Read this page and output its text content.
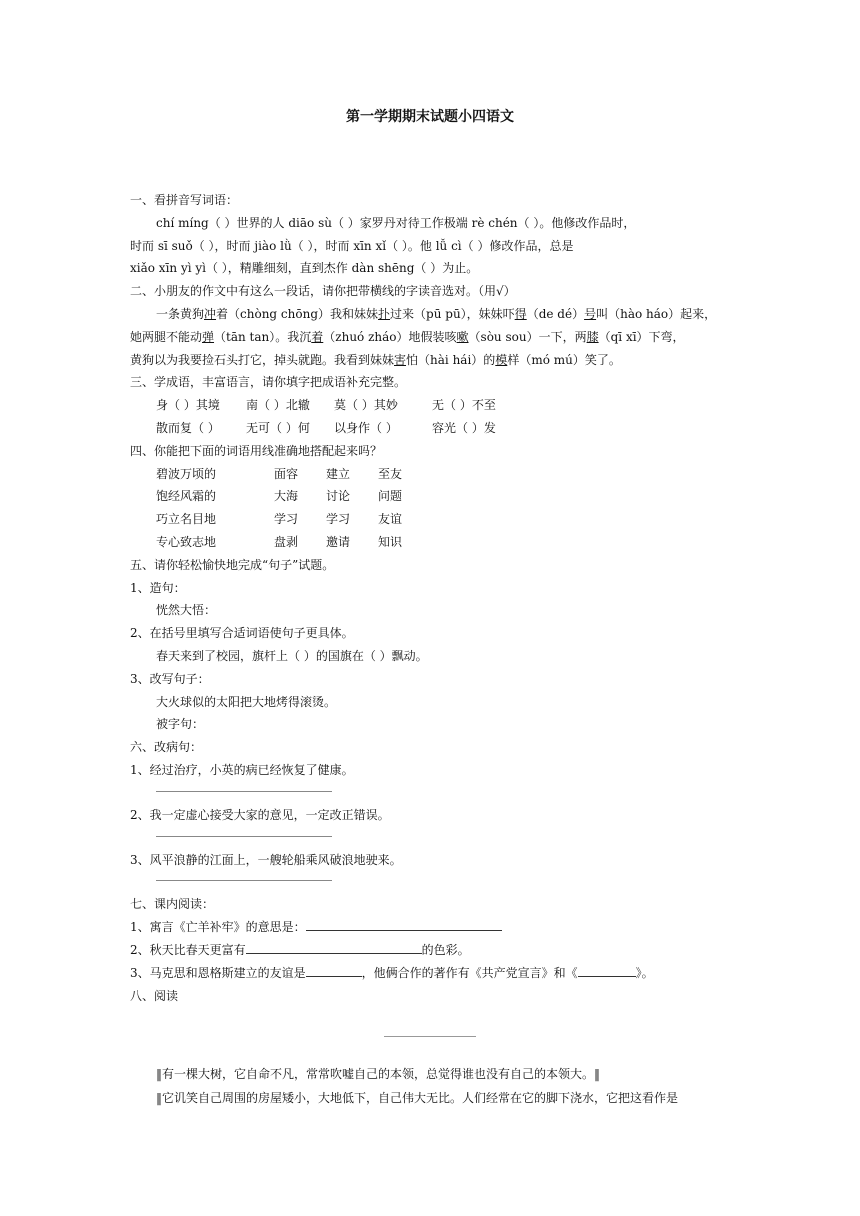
第一学期期末试题小四语文
一、看拼音写词语：
chí míng（ ）世界的人 diāo sù（ ）家罗丹对待工作极端 rè chén（ ）。他修改作品时，
时而 sī suǒ（ ），时而 jiào lǜ（ ），时而 xīn xǐ（ ）。他 lǚ cì（ ）修改作品，总是
xiǎo xīn yì yì（ ），精雕细刻，直到杰作 dàn shēng（ ）为止。
二、小朋友的作文中有这么一段话，请你把带横线的字读音选对。（用√）
一条黄狗冲着（chòng chōng）我和妹妹扑过来（pū pū），妹妹吓得（de dé）号叫（hào háo）起来，
她两腿不能动弹（tān tan）。我沉着（zhuó zháo）地假装咳嗽（sòu sou）一下，两膝（qī xī）下弯，
黄狗以为我要捡石头打它，掉头就跑。我看到妹妹害怕（hài hái）的模样（mó mú）笑了。
三、学成语，丰富语言，请你填字把成语补充完整。
身（ ）其境 南（ ）北辙 莫（ ）其妙	无（ ）不至
散而复（ ） 无可（ ）何 以身作（ ）	容光（ ）发
四、你能把下面的词语用线准确地搭配起来吗？
碧波万顷的	面容 建立 至友
饱经风霜的	大海 讨论 问题
巧立名目地	学习 学习 友谊
专心致志地	盘剥 邀请 知识
五、请你轻松愉快地完成“句子”试题。
1、造句：
恍然大悟：
2、在括号里填写合适词语使句子更具体。
春天来到了校园，旗杆上（ ）的国旗在（ ）飘动。
3、改写句子：
大火球似的太阳把大地烤得滚烫。
被字句：
六、改病句：
1、经过治疗，小英的病已经恢复了健康。
2、我一定虚心接受大家的意见，一定改正错误。
3、风平浪静的江面上，一艘轮船乘风破浪地驶来。
七、课内阅读：
1、寓言《亡羊补牢》的意思是：
2、秋天比春天更富有	的色彩。
3、马克思和恩格斯建立的友谊是	，他俩合作的著作有《共产党宣言》和《	》。
八、阅读
‖有一棵大树，它自命不凡，常常吹嘘自己的本领，总觉得谁也没有自己的本领大。‖
‖它讥笑自己周围的房屋矮小，大地低下，自己伟大无比。人们经常在它的脚下浇水，它把这看作是
